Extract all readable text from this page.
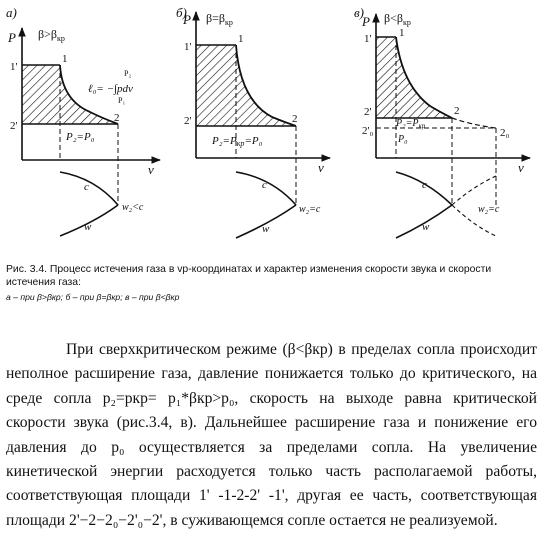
а)
P
v
$\beta>\beta_{кр}$
1
1'
2
2'
ℓ₀= −∫pdv
P₂
P₁
P₂=P₀
c
w
w₂<c
б)
P
v
$\beta=\beta_{кр}$
1
1'
2
2'
P₂=Pкр=P₀
c
w
w₂=c
в)
P
v
$\beta<\beta_{кр}$
1
1'
2
2'
2₀
2'₀
$P_2=P_{кр}$
P₀
c
w
w₂=c
Рис. 3.4. Процесс истечения газа в vp-координатах и характер изменения скорости звука и скорости истечения газа:
а – при β>βкр; б – при β=βкр; в – при β<βкр

При сверхкритическом режиме (β<βкр) в пределах сопла происходит неполное расширение газа, давление понижается только до критического, на среде сопла p₂=pкр= p₁*βкр>p₀, скорость на выходе равна критической скорости звука (рис.3.4, в). Дальнейшее расширение газа и понижение его давления до p₀ осуществляется за пределами сопла. На увеличение кинетической энергии расходуется только часть располагаемой работы, соответствующая площади 1' -1-2-2' -1', другая ее часть, соответствующая площади 2'−2−2₀−2'₀−2', в суживающемся сопле остается не реализуемой.
